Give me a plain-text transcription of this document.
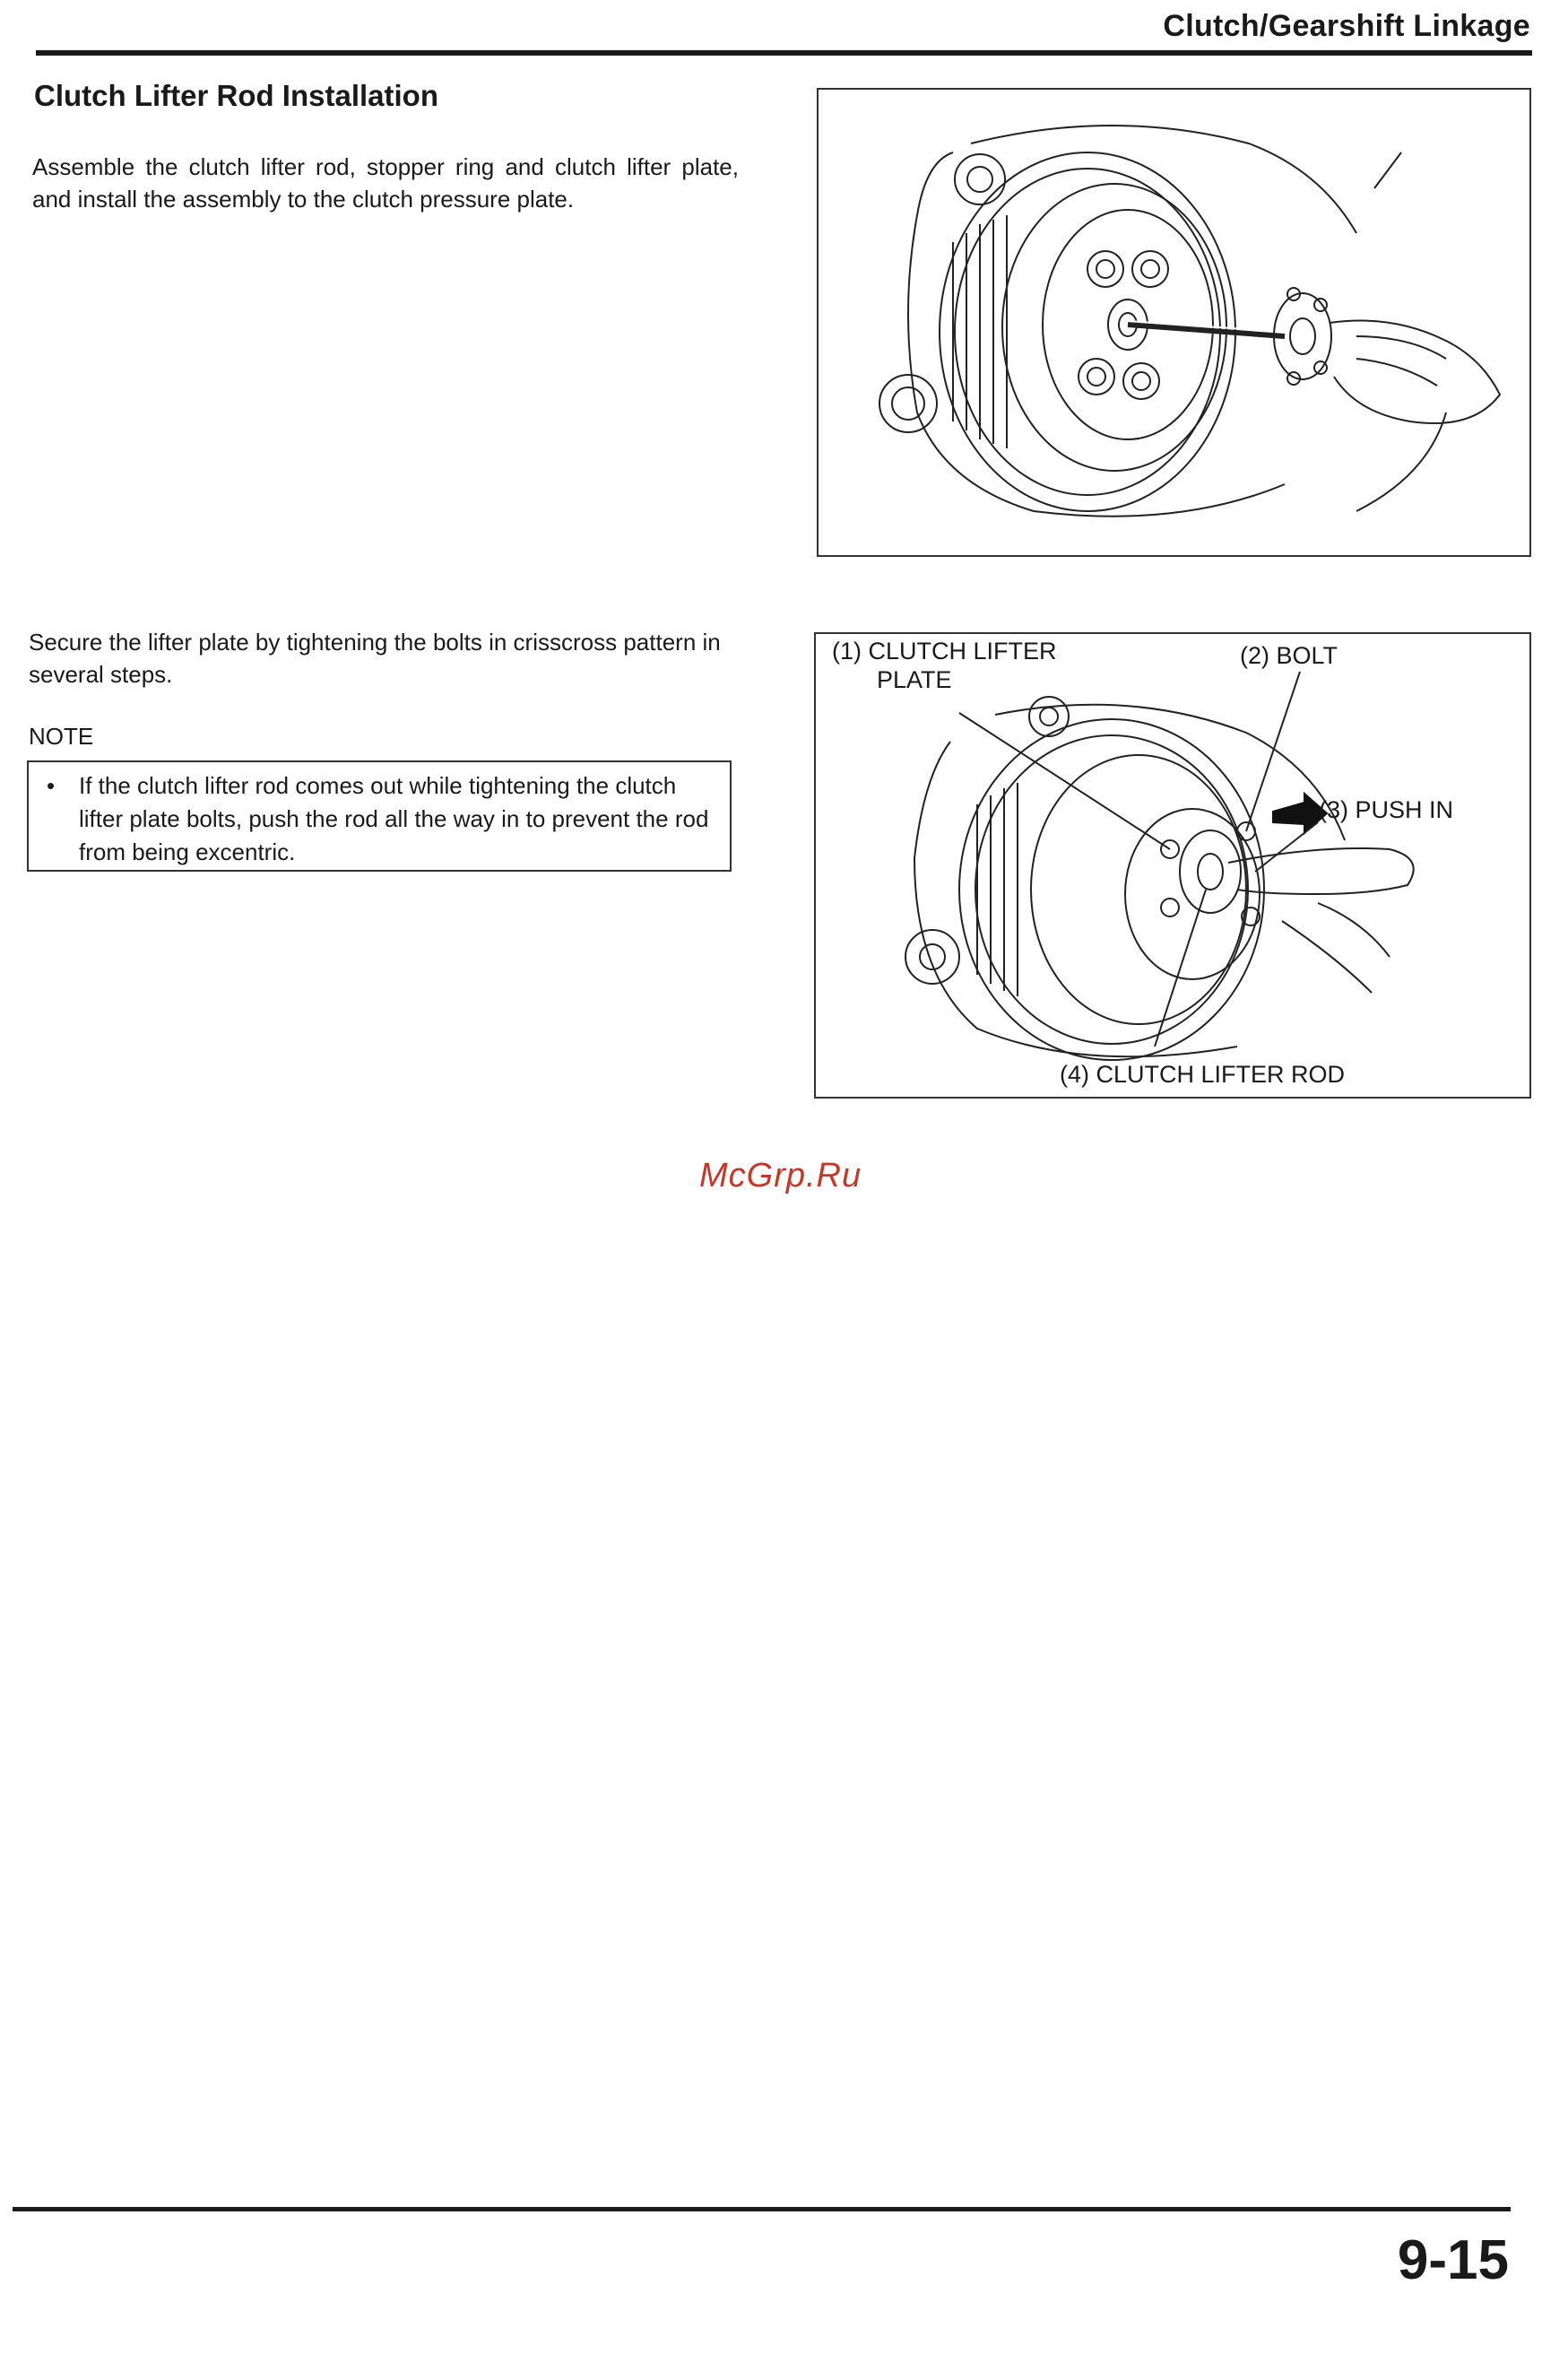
Clutch/Gearshift Linkage
Clutch Lifter Rod Installation
Assemble the clutch lifter rod, stopper ring and clutch lifter plate, and install the assembly to the clutch pressure plate.
Secure the lifter plate by tightening the bolts in crisscross pattern in several steps.
NOTE
• If the clutch lifter rod comes out while tightening the clutch lifter plate bolts, push the rod all the way in to prevent the rod from being excentric.
(1) CLUTCH LIFTER
PLATE
(2) BOLT
(3) PUSH IN
(4) CLUTCH LIFTER ROD
McGrp.Ru
9-15
